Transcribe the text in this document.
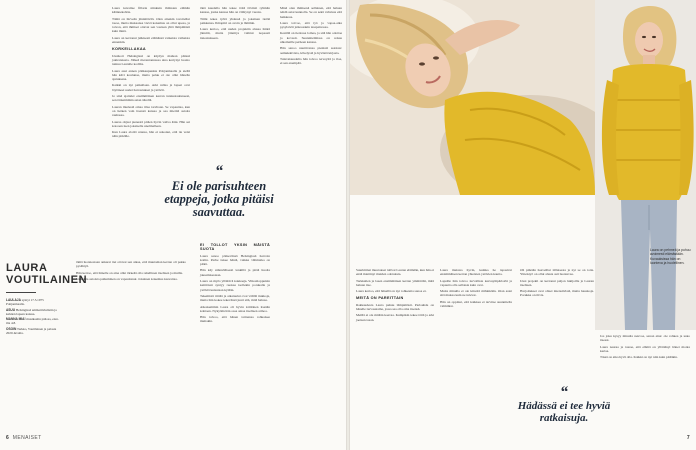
Laura kuvailee fillaria niinkuin ihmisten elämän käännekohtia.

Tämä on hirveän jännittävää. Olen ainakin tavoitellut tasoa, mutta mukaansa vievä kokemus on ollut upeaa, ja toivon, että ihmiset ottavat sen vastaan yhtä lämpimästi kuin minä.

Laura on kertonut julkisesti elämänsä vaikeista vaiheista ennenkin.

KORKEILLAKAA

Uusikoti Helsingissä on käydyn matkan päässä jokirannasta. Jälkeä merenrannassa aina kertynyt luonto tuntuu Lauralle kodilta.

Laura asui ennen pääkaupunkia Pohjanmaalla ja siellä hän kävi koulunsa, mutta paluu ei ole ollut hänelle ajatuksena.

Kaikki on nyt paikallaan. Arki rullaa ja lapset ovat löytäneet uudet harrastukset ja ystävät.

Je sinä ajattelet ensimmäisen kerran tunnustautuneesi, sen tärkeimmän asian äärellä.

Lauran mielestä omaa tilaa tarvitaan. Se vapauttaa, kun on hetken vain itsensä kanssa ja saa miettiä asioita rauhassa.

Lauraa ohjasi pienestä pitäen hyvin vahva ääni. Hän sai kotoaan tuen jokaiselle unelmalleen.

Kun Laura aloitti uransa, hän ei uskonut, että tie veisi näin pitkälle.

tämä luonnostaan ankarat tiet ottavat sen aikaa, että muutaman kerran oli pakko pysähtyä.

Hän kertoo, että hänelle on aina ollut tärkeää olla rehellinen itselleen ja muille.

Vaikeista asioista puhuminen on vapauttanut. Jokainen kokemus kasvattaa.

tänä kaudella hän tekee töitä tiiviisti ryhmän kanssa, jonka kanssa hän on viihtynyt vuosia.

Tiimi tekee työtä yhdessä ja jokainen tietää paikkansa. Ilmapiiri on avoin ja lämmin.

Laura kertoo, että uuden projektin alussa häntä jännitti, mutta jännitys vaihtui nopeasti innostukseen.

EI TOLLOT YKSIN MÄISTÄ SUOTA

Laura sanoo pääsevänsä Helsingissä harvoin kotiin. Perhe tukee häntä, vaikka välimatka on pitkä.

Hän käy säännöllisesti lenkillä ja pitää huolta jaksamisestaan.

Laura on myös yllättävä kokkaaja. Viikonloppuisin keittiössä syntyy ruokaa isollekin porukalle ja ystäviä kutsutaan kylään.

Tekemistä riittää ja aikataulut ovat välillä tiukkoja, mutta hän kokee tekevänsä juuri sitä, mitä haluaa.

Aikaisemmin Laura oli hyvin kriittinen itseään kohtaan. Nykyään hän osaa antaa itselleen armoa.

Hän toivoo, että hänen tarinansa rohkaisee muitakin.

Minä olen ihmisenä sellainen, että haluan tehdä asiat kunnolla. Se on sekä vahvuus että heikkous.

Laura toivoo, että työ ja vapaa-aika pysyisivät jatkossakin tasapainossa.

Kesällä on tiedossa lomaa, ja sitä hän odottaa jo kovasti. Suunnitelmissa on reissu ulkomaille perheen kanssa.

Hän sanoo nauttivansa pienistä asioista: aamukahvista, kävelystä ja hyvästä kirjasta.

Tulevaisuudelta hän toivoo terveyttä ja iloa, ei sen enempää.

“
Ei ole parisuhteen etappeja, jotka pitäisi saavuttaa.
LAURA
VOUTILAINEN
LAULAJA syntyi 17.5.1975 Pohjanmaalla.
ASUU Helsingissä ammattiviulistin ja kahden lapsen kanssa.
MANNA MIA! musikaalin pääosa, ensi-ilta 4.8.
OSOIN Tarkko, Voutilainen ja palasia 2020-luvulta.
6 MENAISET

Suurimmat muutokset tulivat Lauran elämään, kun hän ei enää miettinyt muiden odotuksia.

Tarkkailen ja lasen ensimmäisen kerran ymmärtää, mitä haluan itse.

Laura kertoo, että hänellä on nyt rohkeutta sanoa ei.

MEITÄ ON PAREITTAIN

Rakkaudesta Laura puhuu lämpimästi. Parisuhde on hänelle turvasatama, jossa saa olla oma itsensä.

Meillä ei ole mitään kaavaa. Kumpikin tekee töitä ja arki jaetaan tasan.

Laura muistaa hyvin, kuinka he tapasivat ensimmäisen kerran yhteisten ystävien kautta.

Lapsille hän toivoo turvallista kasvuympäristöä ja vapautta olla sellaisia kuin ovat.

Mutta minulla ei ole kiirettä mihinkään. Otan asiat sitä mukaa kuin ne tulevat.

Hän on oppinut, että kaikkea ei tarvitse suunnitella valmiiksi.

Oli pitkään haaveillut tällaisesta ja nyt se on totta. Yhteistyö on ollut alusta asti luontevaa.

Uusi projekti on kertonut paljon lukijoille ja Lauran itselleen.

Harjoitukset ovat olleet intensiivisiä, mutta hauskoja. Porukka on tiivis.

Jos joku kysyy minulta neuvoa, sanon aina: ole rohkea ja usko itseesi.

Laura nauraa ja toteaa, että elämä on yllättänyt hänet monta kertaa.

Tässä on aika hyvä olla. Kaikki on nyt niin kuin pitääkin.

7
Laura on pehmeä ja puhuu avoimesti elämästään. Kuvauksissa hän on luonteva ja huolellinen.
“
Hädässä ei tee hyviä ratkaisuja.
